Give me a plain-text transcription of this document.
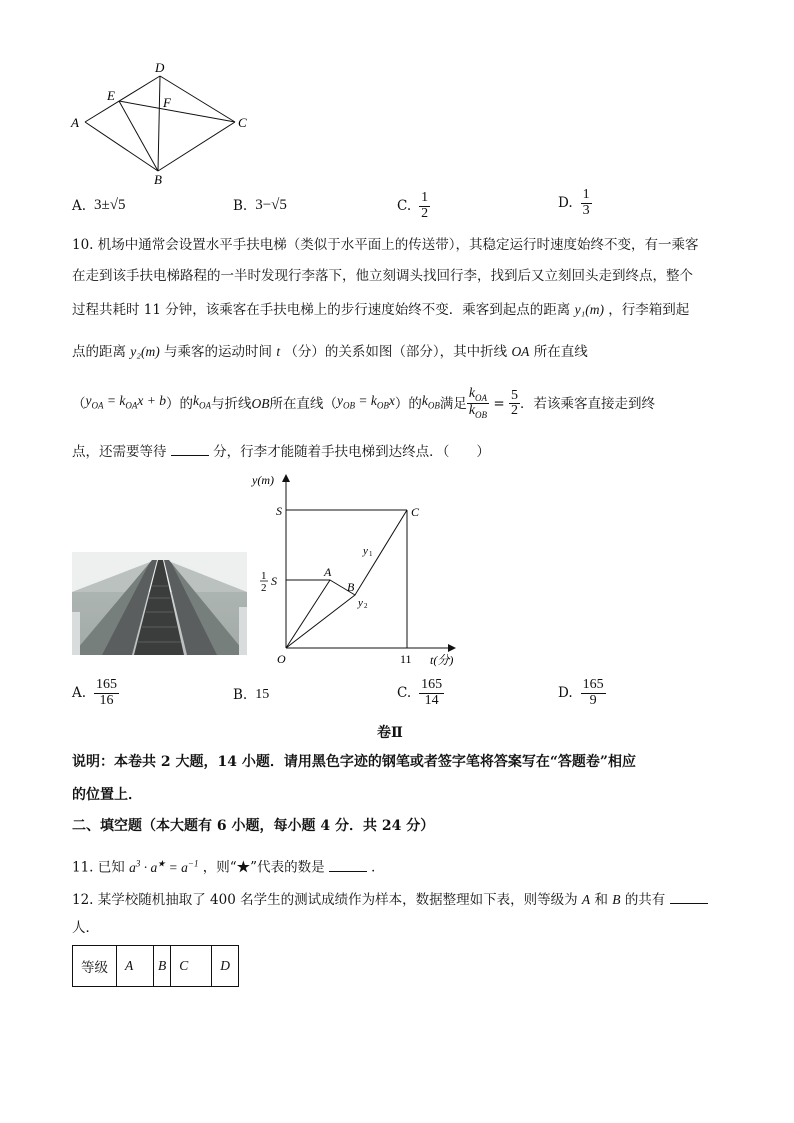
D
E	F
A	C
B
A. 3±√5	B. 3−√5	C. $\frac{1}{2}$	D. $\frac{1}{3}$
10. 机场中通常会设置水平手扶电梯（类似于水平面上的传送带），其稳定运行时速度始终不变，有一乘客
在走到该手扶电梯路程的一半时发现行李落下，他立刻调头找回行李，找到后又立刻回头走到终点，整个
过程共耗时 11 分钟，该乘客在手扶电梯上的步行速度始终不变．乘客到起点的距离 y₁(m) ，行李箱到起
点的距离 y₂(m) 与乘客的运动时间 t （分）的关系如图（部分），其中折线 OA 所在直线
（ $y_{OA} = k_{OA}x + b$ ）的 $k_{OA}$ 与折线 OB 所在直线（ $y_{OB} = k_{OB}x$ ）的 $k_{OB}$ 满足 $\frac{k_{OA}}{k_{OB}} = \frac{5}{2}$ ．若该乘客直接走到终
点，还需要等待	分，行李才能随着手扶电梯到达终点．（　　）
y(m)
t(分)
S
1
2 S
O
A
B
C
y 1
y 2
11
A. $\frac{165}{16}$	B. 15	C. $\frac{165}{14}$	D. $\frac{165}{9}$
卷Ⅱ
说明：本卷共 2 大题，14 小题．请用黑色字迹的钢笔或者签字笔将答案写在“答题卷”相应
的位置上．
二、填空题（本大题有 6 小题，每小题 4 分．共 24 分）
11. 已知 $a^3 \cdot a^★ = a^{-1}$ ，则“★”代表的数是	．
12. 某学校随机抽取了 400 名学生的测试成绩作为样本，数据整理如下表，则等级为 A 和 B 的共有
人．
等级	A	B	C	D
